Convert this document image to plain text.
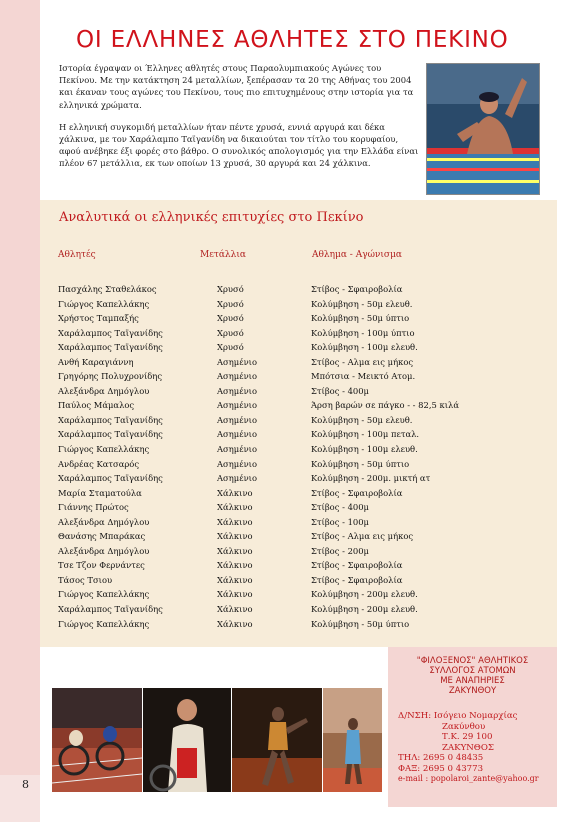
8
ΟΙ ΕΛΛΗΝΕΣ ΑΘΛΗΤΕΣ ΣΤΟ ΠΕΚΙΝΟ

Ιστορία έγραψαν οι Έλληνες αθλητές στους Παραολυμπιακούς Αγώνες του Πεκίνου. Με την κατάκτηση 24 μεταλλίων, ξεπέρασαν τα 20 της Αθήνας του 2004 και έκαναν τους αγώνες του Πεκίνου, τους πιο επιτυχημένους στην ιστορία για τα ελληνικά χρώματα.

Η ελληνική συγκομιδή μεταλλίων ήταν πέντε χρυσά, εννιά αργυρά και δέκα χάλκινα, με τον Χαράλαμπο Ταϊγανίδη να δικαιούται τον τίτλο του κορυφαίου, αφού ανέβηκε έξι φορές στο βάθρο. Ο συνολικός απολογισμός για την Ελλάδα είναι πλέον 67 μετάλλια, εκ των οποίων 13 χρυσά, 30 αργυρά και 24 χάλκινα.

Αναλυτικά οι ελληνικές επιτυχίες στο Πεκίνο
Αθλητές	Μετάλλια	Αθλημα - Αγώνισμα
Πασχάλης Σταθελάκος	Χρυσό	Στίβος - Σφαιροβολία
Γιώργος Καπελλάκης	Χρυσό	Κολύμβηση - 50μ ελευθ.
Χρήστος Ταμπαξής	Χρυσό	Κολύμβηση - 50μ ύπτιο
Χαράλαμπος Ταϊγανίδης	Χρυσό	Κολύμβηση - 100μ ύπτιο
Χαράλαμπος Ταϊγανίδης	Χρυσό	Κολύμβηση - 100μ ελευθ.
Ανθή Καραγιάννη	Ασημένιο	Στίβος - Αλμα εις μήκος
Γρηγόρης Πολυχρονίδης	Ασημένιο	Μπότσια - Μεικτό Ατομ.
Αλεξάνδρα Δημόγλου	Ασημένιο	Στίβος - 400μ
Παύλος Μάμαλος	Ασημένιο	Άρση βαρών σε πάγκο - - 82,5 κιλά
Χαράλαμπος Ταϊγανίδης	Ασημένιο	Κολύμβηση - 50μ ελευθ.
Χαράλαμπος Ταϊγανίδης	Ασημένιο	Κολύμβηση - 100μ πεταλ.
Γιώργος Καπελλάκης	Ασημένιο	Κολύμβηση - 100μ ελευθ.
Ανδρέας Κατσαρός	Ασημένιο	Κολύμβηση - 50μ ύπτιο
Χαράλαμπος Ταϊγανίδης	Ασημένιο	Κολύμβηση - 200μ. μικτή ατ
Μαρία Σταματούλα	Χάλκινο	Στίβος - Σφαιροβολία
Γιάννης Πρώτος	Χάλκινο	Στίβος - 400μ
Αλεξάνδρα Δημόγλου	Χάλκινο	Στίβος - 100μ
Θανάσης Μπαράκας	Χάλκινο	Στίβος - Αλμα εις μήκος
Αλεξάνδρα Δημόγλου	Χάλκινο	Στίβος - 200μ
Τσε Τζον Φερνάντες	Χάλκινο	Στίβος - Σφαιροβολία
Τάσος Τσιου	Χάλκινο	Στίβος - Σφαιροβολία
Γιώργος Καπελλάκης	Χάλκινο	Κολύμβηση - 200μ ελευθ.
Χαράλαμπος Ταϊγανίδης	Χάλκινο	Κολύμβηση - 200μ ελευθ.
Γιώργος Καπελλάκης	Χάλκινο	Κολύμβηση - 50μ ύπτιο
"ΦΙΛΟΞΕΝΟΣ" ΑΘΛΗΤΙΚΟΣ
ΣΥΛΛΟΓΟΣ ΑΤΟΜΩΝ
ΜΕ ΑΝΑΠΗΡΙΕΣ
ΖΑΚΥΝΘΟΥ
Δ/ΝΣΗ: Ισόγειο Νομαρχίας
Ζακύνθου
Τ.Κ. 29 100
ΖΑΚΥΝΘΟΣ
ΤΗΛ: 2695 0 48435
ΦΑΞ: 2695 0 43773
e-mail : popolaroi_zante@yahoo.gr
